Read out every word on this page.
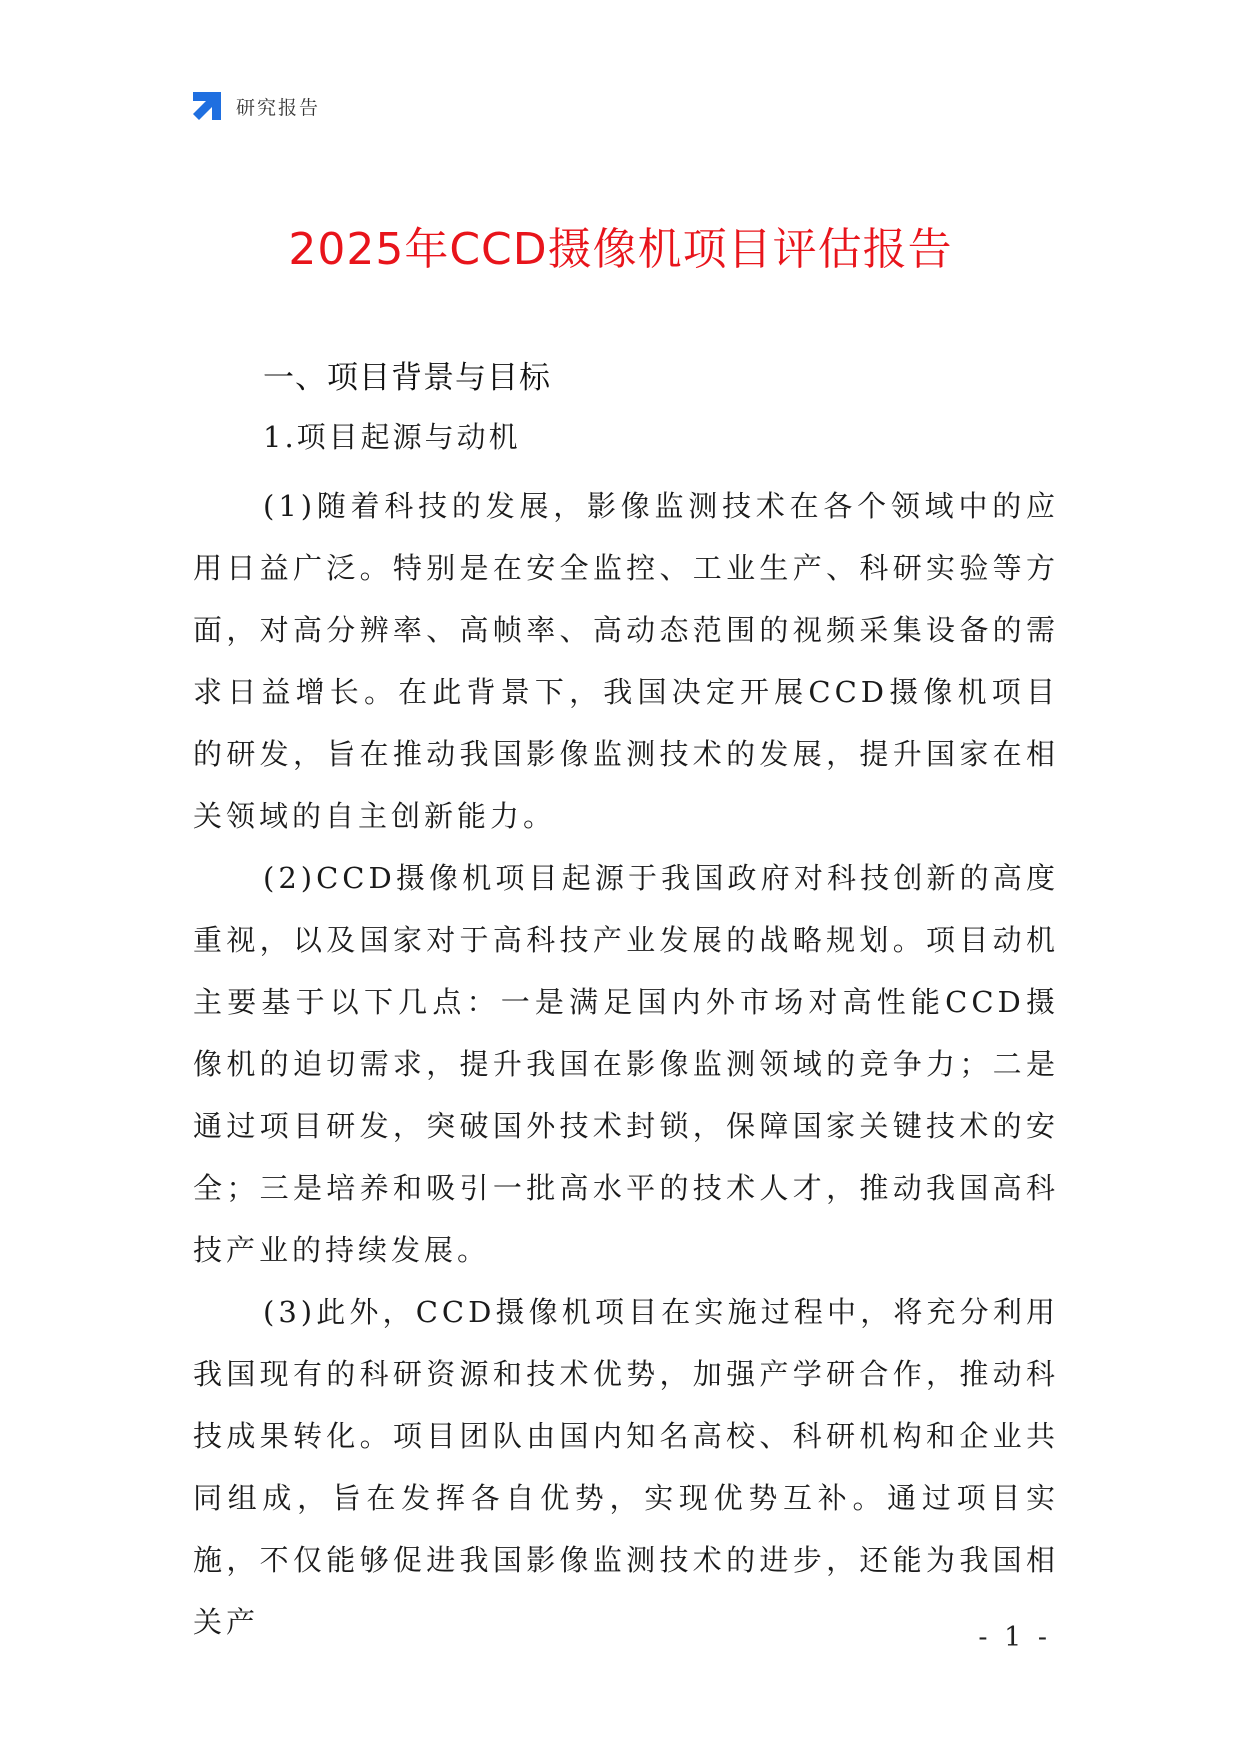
研究报告
2025年CCD摄像机项目评估报告
一、项目背景与目标
1.项目起源与动机

(1)随着科技的发展，影像监测技术在各个领域中的应用日益广泛。特别是在安全监控、工业生产、科研实验等方面，对高分辨率、高帧率、高动态范围的视频采集设备的需求日益增长。在此背景下，我国决定开展CCD摄像机项目的研发，旨在推动我国影像监测技术的发展，提升国家在相关领域的自主创新能力。

(2)CCD摄像机项目起源于我国政府对科技创新的高度重视，以及国家对于高科技产业发展的战略规划。项目动机主要基于以下几点：一是满足国内外市场对高性能CCD摄像机的迫切需求，提升我国在影像监测领域的竞争力；二是通过项目研发，突破国外技术封锁，保障国家关键技术的安全；三是培养和吸引一批高水平的技术人才，推动我国高科技产业的持续发展。

(3)此外，CCD摄像机项目在实施过程中，将充分利用我国现有的科研资源和技术优势，加强产学研合作，推动科技成果转化。项目团队由国内知名高校、科研机构和企业共同组成，旨在发挥各自优势，实现优势互补。通过项目实施，不仅能够促进我国影像监测技术的进步，还能为我国相关产	- 1 -
